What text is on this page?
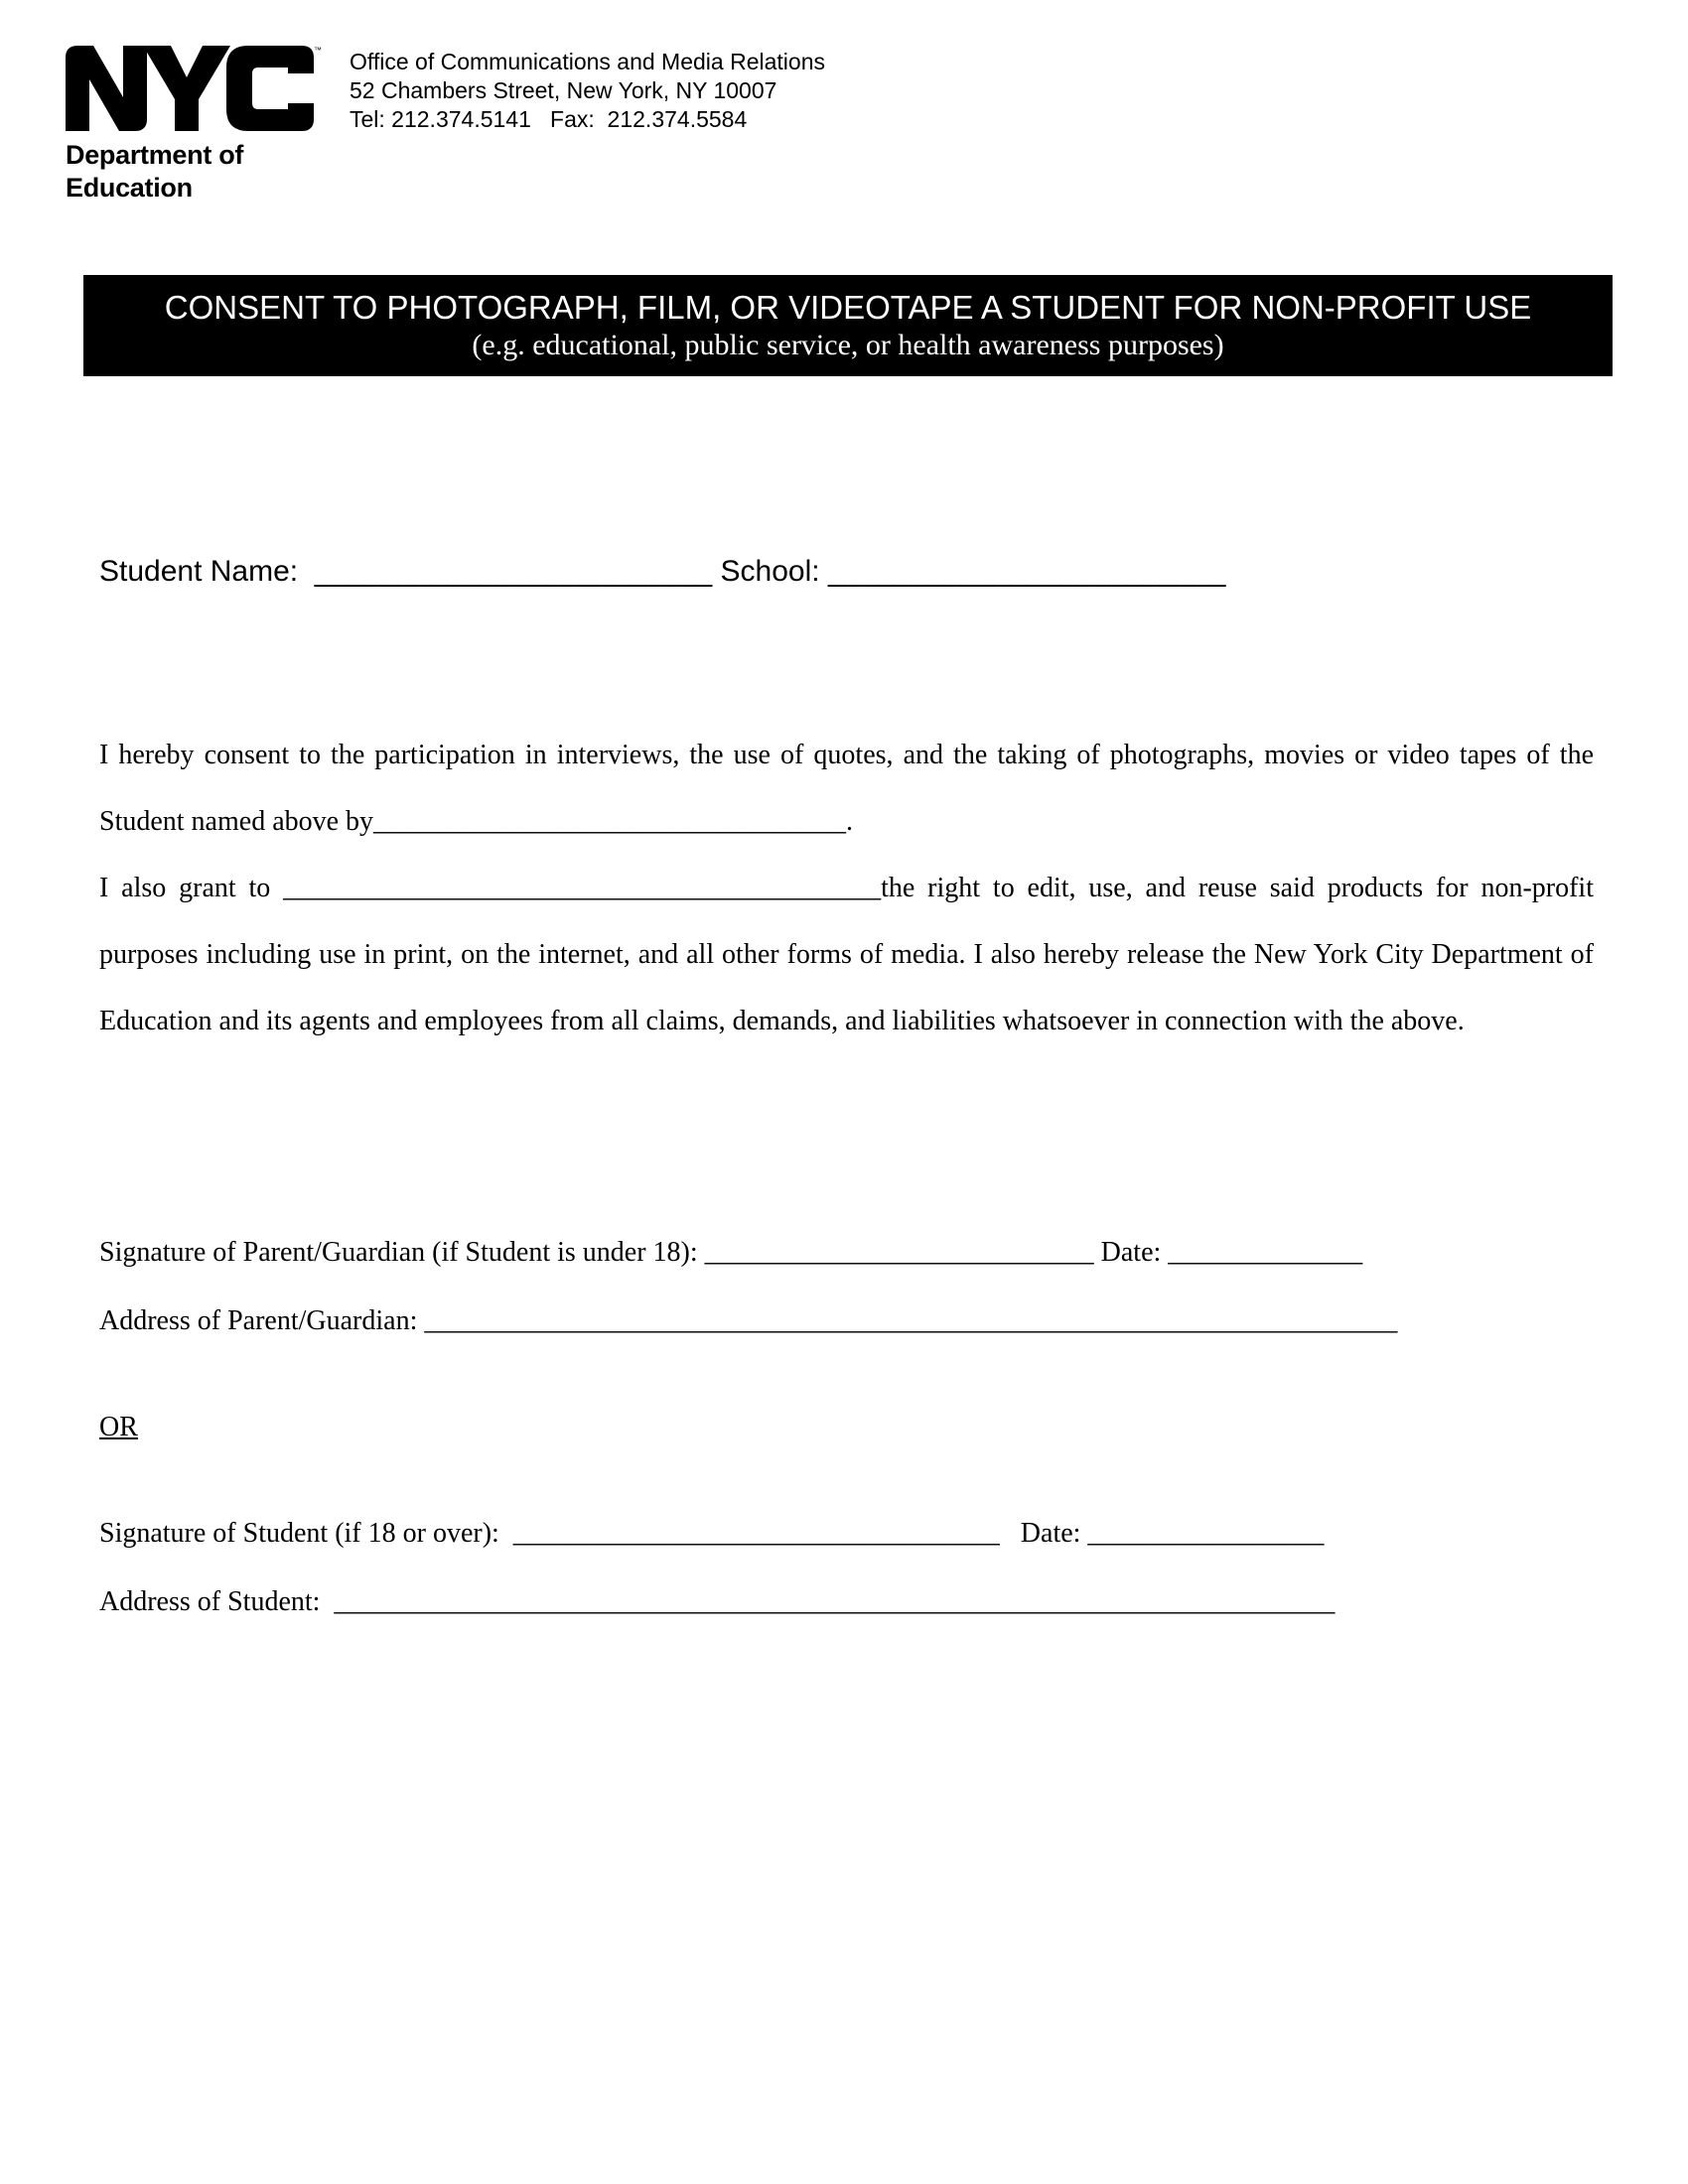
™
Department of
Education
Office of Communications and Media Relations
52 Chambers Street, New York, NY 10007
Tel: 212.374.5141   Fax:  212.374.5584
CONSENT TO PHOTOGRAPH, FILM, OR VIDEOTAPE A STUDENT FOR NON-PROFIT USE
(e.g. educational, public service, or health awareness purposes)
Student Name:  ________________________ School: ________________________

I hereby consent to the participation in interviews, the use of quotes, and the taking of photographs, movies or video tapes of the Student named above by__________________________________.

I also grant to ___________________________________________the right to edit, use, and reuse said products for non-profit purposes including use in print, on the internet, and all other forms of media. I also hereby release the New York City Department of Education and its agents and employees from all claims, demands, and liabilities whatsoever in connection with the above.

Signature of Parent/Guardian (if Student is under 18): ____________________________ Date: ______________
Address of Parent/Guardian: ______________________________________________________________________
OR
Signature of Student (if 18 or over):  ___________________________________   Date: _________________
Address of Student:  ________________________________________________________________________
